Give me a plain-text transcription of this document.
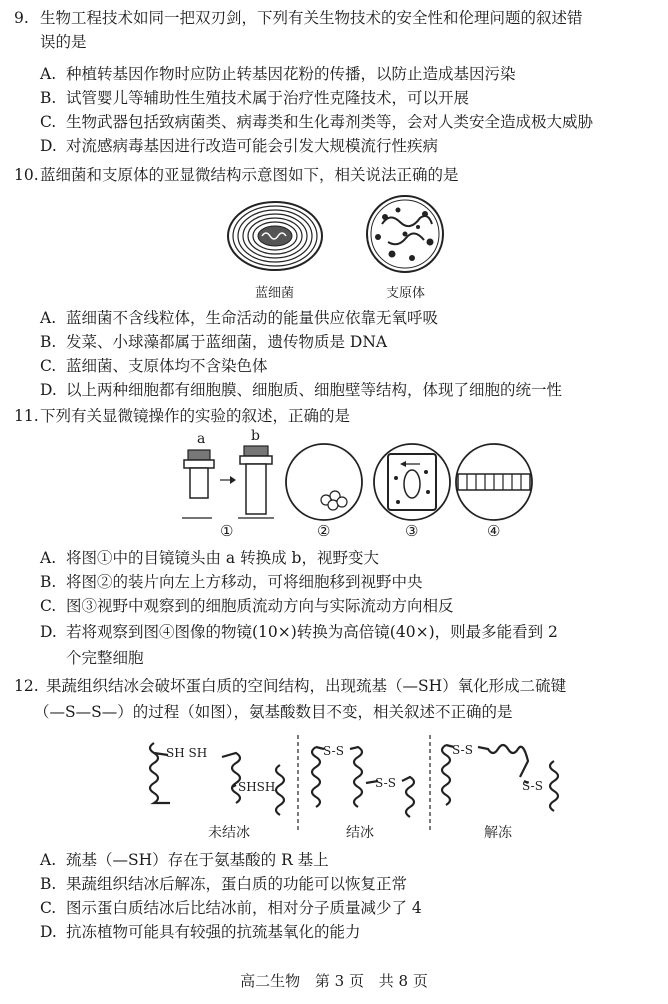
9. 生物工程技术如同一把双刃剑，下列有关生物技术的安全性和伦理问题的叙述错
误的是
A. 种植转基因作物时应防止转基因花粉的传播，以防止造成基因污染
B. 试管婴儿等辅助性生殖技术属于治疗性克隆技术，可以开展
C. 生物武器包括致病菌类、病毒类和生化毒剂类等，会对人类安全造成极大威胁
D. 对流感病毒基因进行改造可能会引发大规模流行性疾病
10. 蓝细菌和支原体的亚显微结构示意图如下，相关说法正确的是
蓝细菌	支原体
A. 蓝细菌不含线粒体，生命活动的能量供应依靠无氧呼吸
B. 发菜、小球藻都属于蓝细菌，遗传物质是 DNA
C. 蓝细菌、支原体均不含染色体
D. 以上两种细胞都有细胞膜、细胞质、细胞壁等结构，体现了细胞的统一性
11. 下列有关显微镜操作的实验的叙述，正确的是
a	b
①	②	③	④
A. 将图①中的目镜镜头由 a 转换成 b，视野变大
B. 将图②的装片向左上方移动，可将细胞移到视野中央
C. 图③视野中观察到的细胞质流动方向与实际流动方向相反
D. 若将观察到图④图像的物镜(10×)转换为高倍镜(40×)，则最多能看到 2
个完整细胞
12. 果蔬组织结冰会破坏蛋白质的空间结构，出现巯基（—SH）氧化形成二硫键
（—S—S—）的过程（如图），氨基酸数目不变，相关叙述不正确的是
SH SH
SHSH
S-S
S-S
S-S
S-S
未结冰	结冰	解冻
A. 巯基（—SH）存在于氨基酸的 R 基上
B. 果蔬组织结冰后解冻，蛋白质的功能可以恢复正常
C. 图示蛋白质结冰后比结冰前，相对分子质量减少了 4
D. 抗冻植物可能具有较强的抗巯基氧化的能力
高二生物 第 3 页 共 8 页
